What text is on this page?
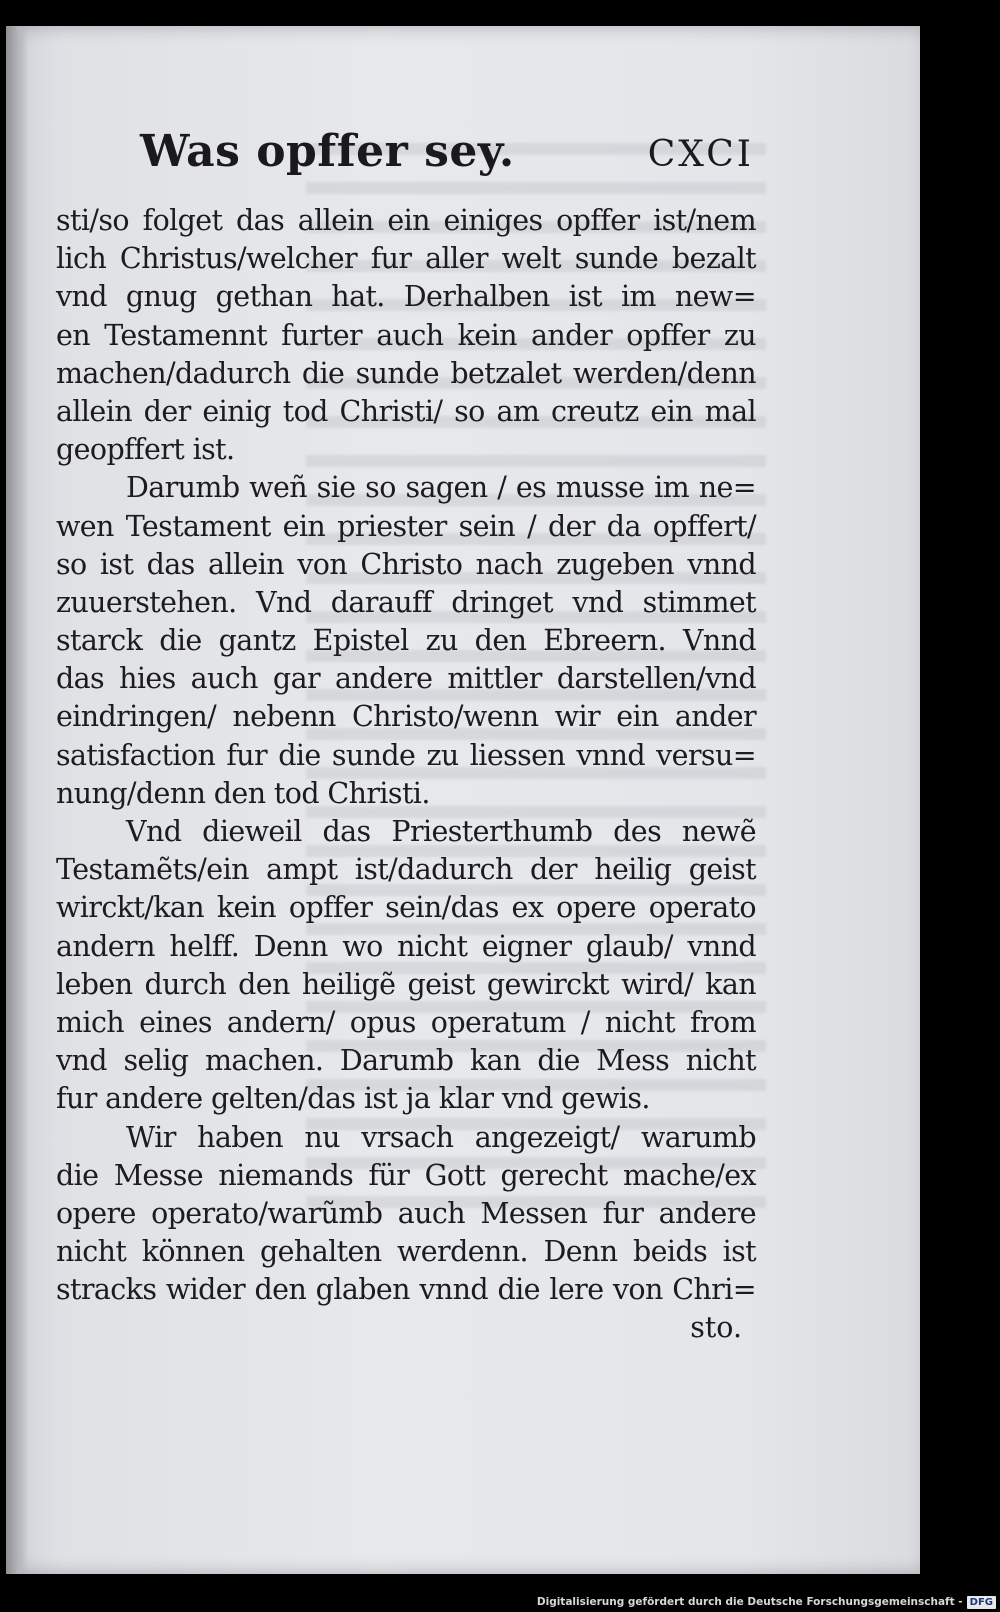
Was opffer sey.	CXCI
sti/so folget das allein ein einiges opffer ist/nem
lich Christus/welcher fur aller welt sunde bezalt
vnd gnug gethan hat. Derhalben ist im new=
en Testamennt furter auch kein ander opffer zu
machen/dadurch die sunde betzalet werden/denn
allein der einig tod Christi/ so am creutz ein mal
geopffert ist.
Darumb weñ sie so sagen / es musse im ne=
wen Testament ein priester sein / der da opffert/
so ist das allein von Christo nach zugeben vnnd
zuuerstehen. Vnd darauff dringet vnd stimmet
starck die gantz Epistel zu den Ebreern. Vnnd
das hies auch gar andere mittler darstellen/vnd
eindringen/ nebenn Christo/wenn wir ein ander
satisfaction fur die sunde zu liessen vnnd versu=
nung/denn den tod Christi.
Vnd dieweil das Priesterthumb des newẽ
Testamẽts/ein ampt ist/dadurch der heilig geist
wirckt/kan kein opffer sein/das ex opere operato
andern helff. Denn wo nicht eigner glaub/ vnnd
leben durch den heiligẽ geist gewirckt wird/ kan
mich eines andern/ opus operatum / nicht from
vnd selig machen. Darumb kan die Mess nicht
fur andere gelten/das ist ja klar vnd gewis.
Wir haben nu vrsach angezeigt/ warumb
die Messe niemands für Gott gerecht mache/ex
opere operato/warũmb auch Messen fur andere
nicht können gehalten werdenn. Denn beids ist
stracks wider den glaben vnnd die lere von Chri=
sto.
Digitalisierung gefördert durch die Deutsche Forschungsgemeinschaft - DFG
